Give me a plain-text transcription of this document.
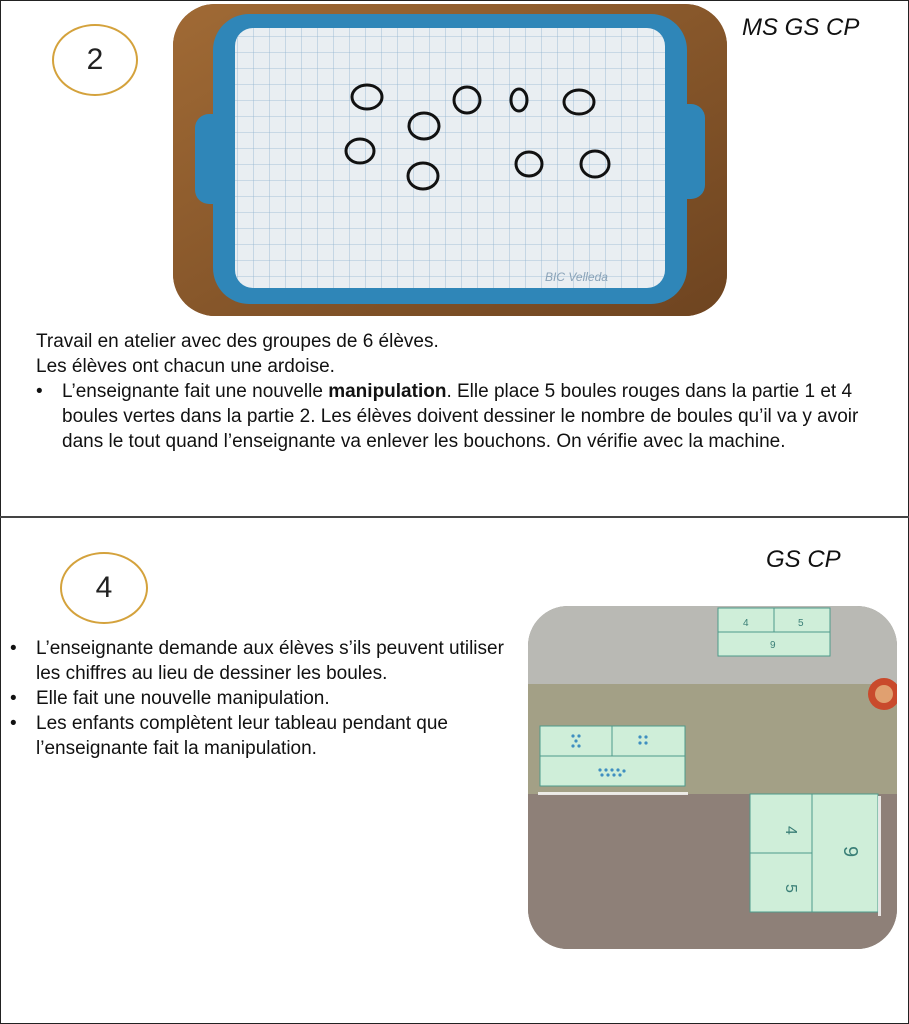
2
MS GS CP
BIC Velleda

Travail en atelier avec des groupes de 6 élèves.

Les élèves ont chacun une ardoise.

• L’enseignante fait une nouvelle manipulation. Elle place 5 boules rouges dans la partie 1 et 4 boules vertes dans la partie 2. Les élèves doivent dessiner le nombre de boules qu’il va y avoir dans le tout quand l’enseignante va enlever les bouchons. On vérifie avec la machine.
4
GS CP
• L’enseignante demande aux élèves s’ils peuvent utiliser les chiffres au lieu de dessiner les boules.
• Elle fait une nouvelle manipulation.
• Les enfants complètent leur tableau pendant que l’enseignante fait la manipulation.
4	5
9
4
5
9
